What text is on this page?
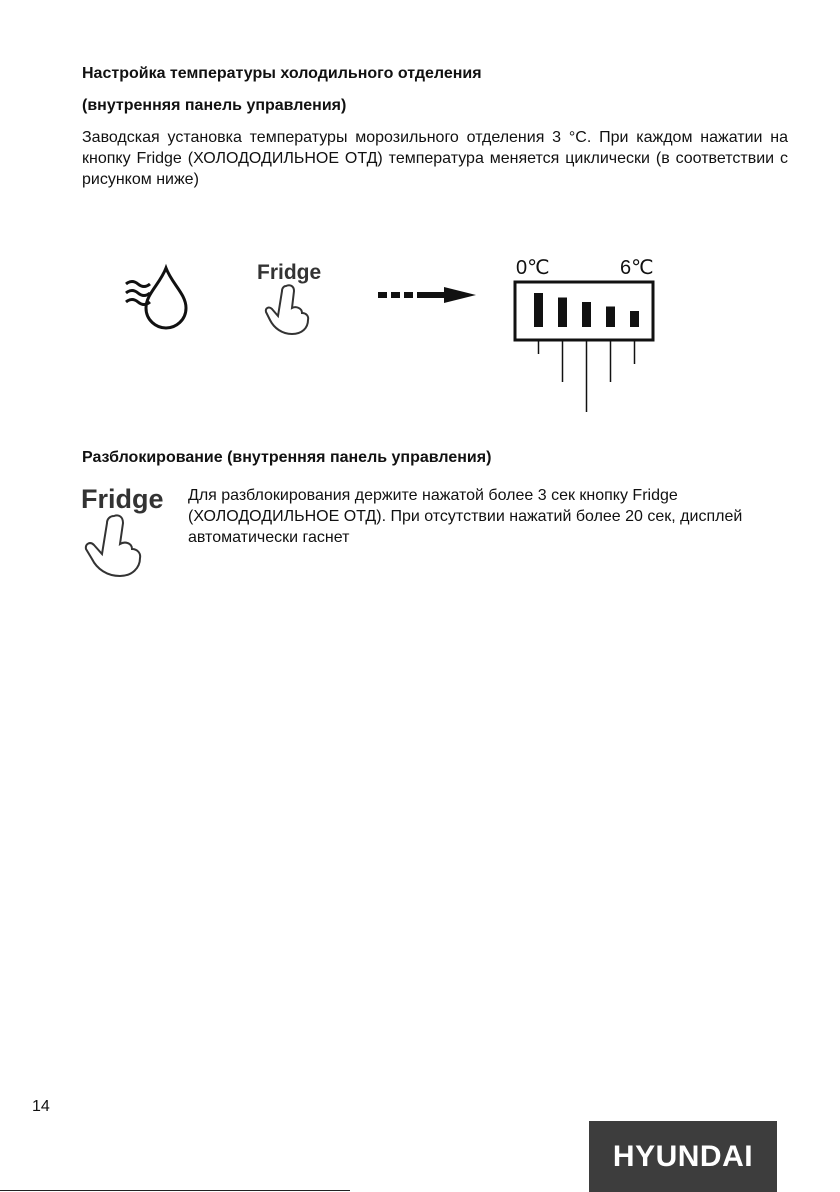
Настройка температуры холодильного отделения
(внутренняя панель управления)
Заводская установка температуры морозильного отделения 3 °С. При каждом нажатии на кнопку Fridge (ХОЛОДОДИЛЬНОЕ ОТД) температура меняется циклически (в соответствии с рисунком ниже)
Fridge	0℃	6℃
Разблокирование (внутренняя панель управления)
Fridge Для разблокирования держите нажатой более 3 сек кнопку Fridge (ХОЛОДОДИЛЬНОЕ ОТД). При отсутствии нажатий более 20 сек, дисплей автоматически гаснет
14
HYUNDAI
